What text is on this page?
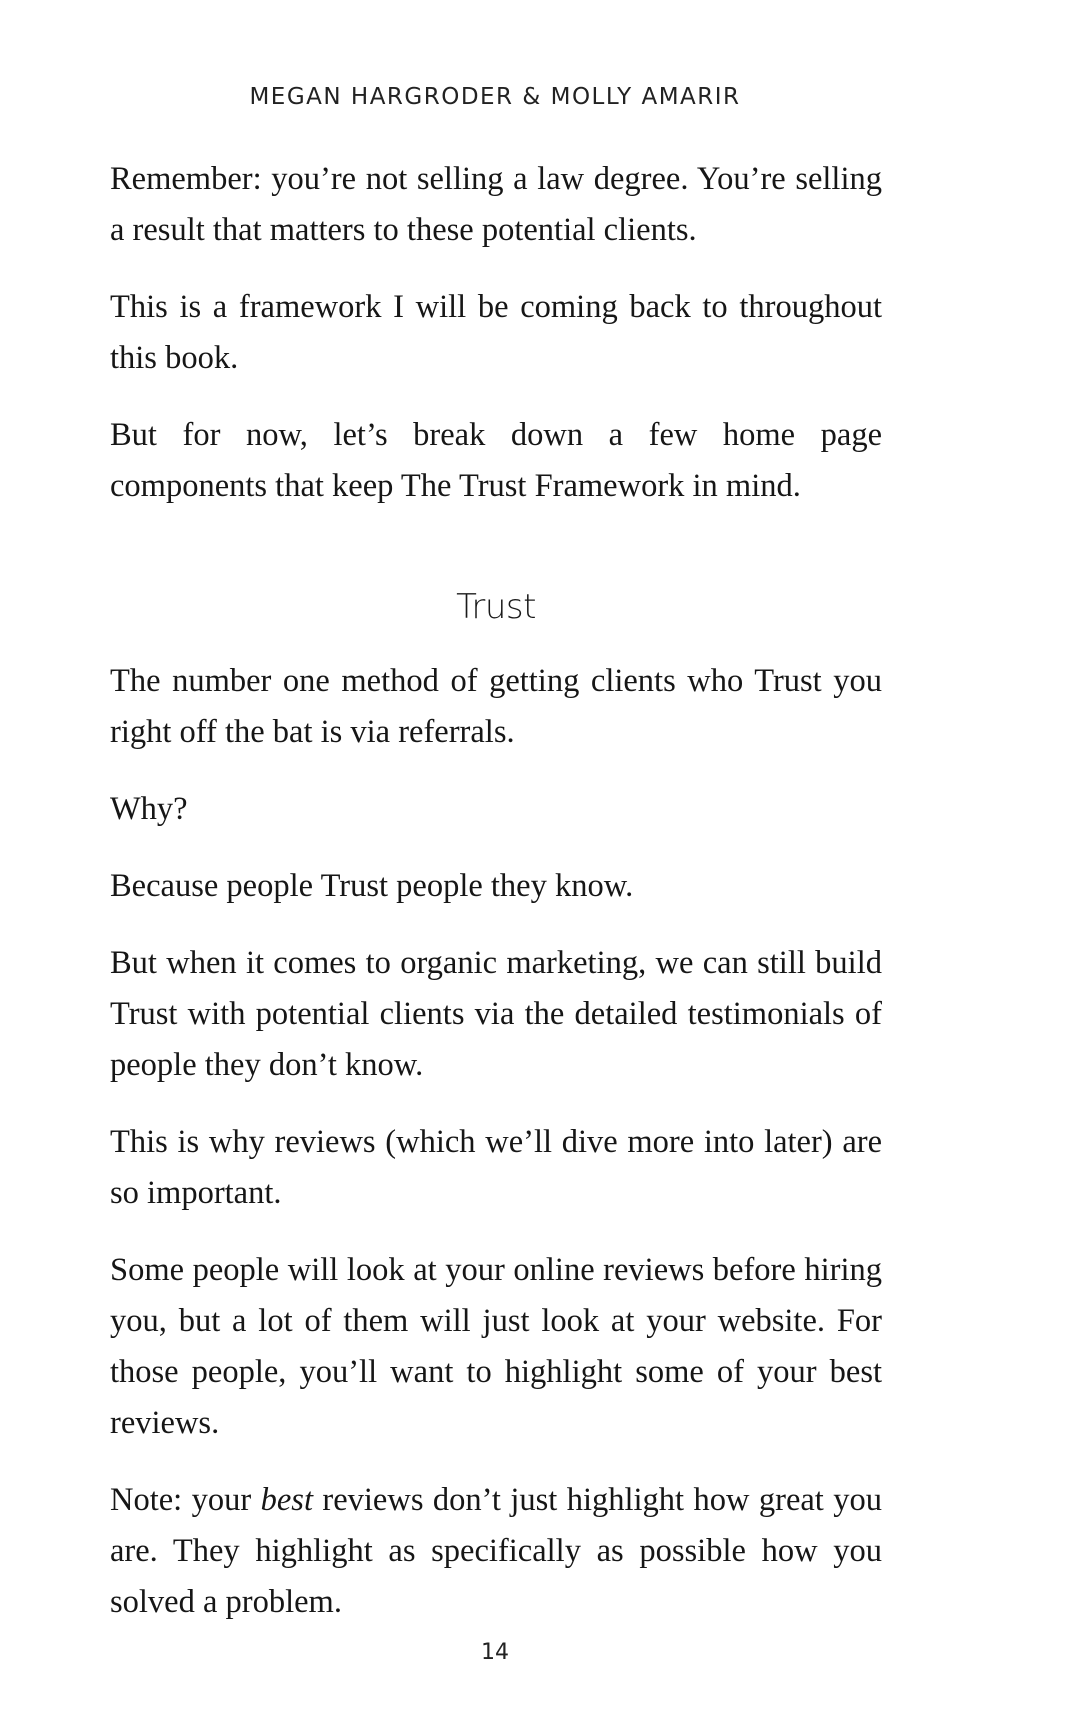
MEGAN HARGRODER & MOLLY AMARIR

Remember: you’re not selling a law degree. You’re selling a result that matters to these potential clients.

This is a framework I will be coming back to throughout this book.

But for now, let’s break down a few home page components that keep The Trust Framework in mind.

Trust

The number one method of getting clients who Trust you right off the bat is via referrals.

Why?

Because people Trust people they know.

But when it comes to organic marketing, we can still build Trust with potential clients via the detailed testimonials of people they don’t know.

This is why reviews (which we’ll dive more into later) are so important.

Some people will look at your online reviews before hiring you, but a lot of them will just look at your website. For those people, you’ll want to highlight some of your best reviews.

Note: your best reviews don’t just highlight how great you are. They highlight as specifically as possible how you solved a problem.

14
